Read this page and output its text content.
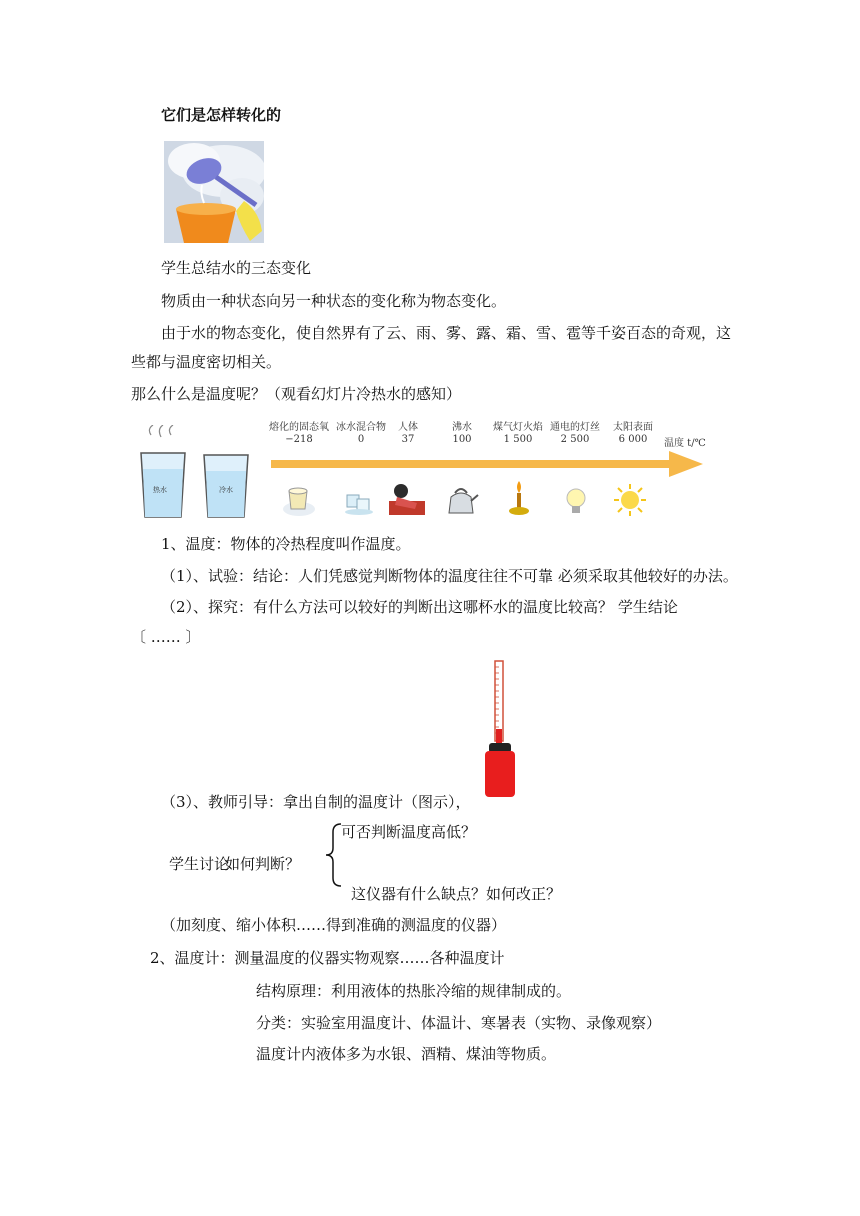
它们是怎样转化的
学生总结水的三态变化
物质由一种状态向另一种状态的变化称为物态变化。
由于水的物态变化，使自然界有了云、雨、雾、露、霜、雪、雹等千姿百态的奇观，这
些都与温度密切相关。
那么什么是温度呢？（观看幻灯片冷热水的感知）
热水	冷水
熔化的固态氧
−218
冰水混合物
0
人体
37
沸水
100
煤气灯火焰
1 500
通电的灯丝
2 500
太阳表面
6 000	温度 t/℃
1、温度：物体的冷热程度叫作温度。
（1）、试验：结论：人们凭感觉判断物体的温度往往不可靠 必须采取其他较好的办法。
（2）、探究：有什么方法可以较好的判断出这哪杯水的温度比较高？ 学生结论
〔 …… 〕
（3）、教师引导：拿出自制的温度计（图示），
学生讨论
如何判断？
可否判断温度高低？
这仪器有什么缺点？如何改正？
（加刻度、缩小体积……得到准确的测温度的仪器）
2、温度计：测量温度的仪器实物观察……各种温度计
结构原理：利用液体的热胀冷缩的规律制成的。
分类：实验室用温度计、体温计、寒暑表（实物、录像观察）
温度计内液体多为水银、酒精、煤油等物质。
